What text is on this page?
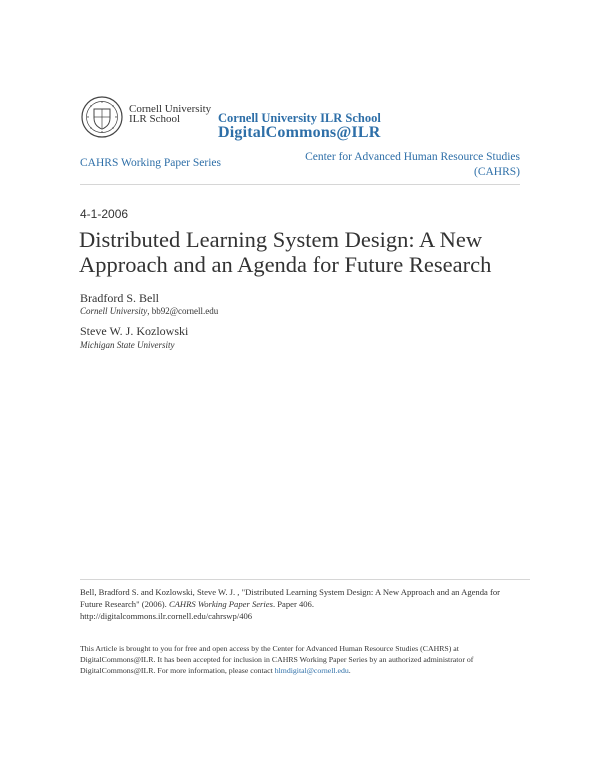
Cornell University
ILR School	Cornell University ILR School
DigitalCommons@ILR
CAHRS Working Paper Series	Center for Advanced Human Resource Studies
(CAHRS)
4-1-2006
Distributed Learning System Design: A New
Approach and an Agenda for Future Research
Bradford S. Bell
Cornell University, bb92@cornell.edu
Steve W. J. Kozlowski
Michigan State University
Bell, Bradford S. and Kozlowski, Steve W. J. , "Distributed Learning System Design: A New Approach and an Agenda for Future Research" (2006). CAHRS Working Paper Series. Paper 406.
http://digitalcommons.ilr.cornell.edu/cahrswp/406
This Article is brought to you for free and open access by the Center for Advanced Human Resource Studies (CAHRS) at DigitalCommons@ILR. It has been accepted for inclusion in CAHRS Working Paper Series by an authorized administrator of DigitalCommons@ILR. For more information, please contact hlmdigital@cornell.edu.
